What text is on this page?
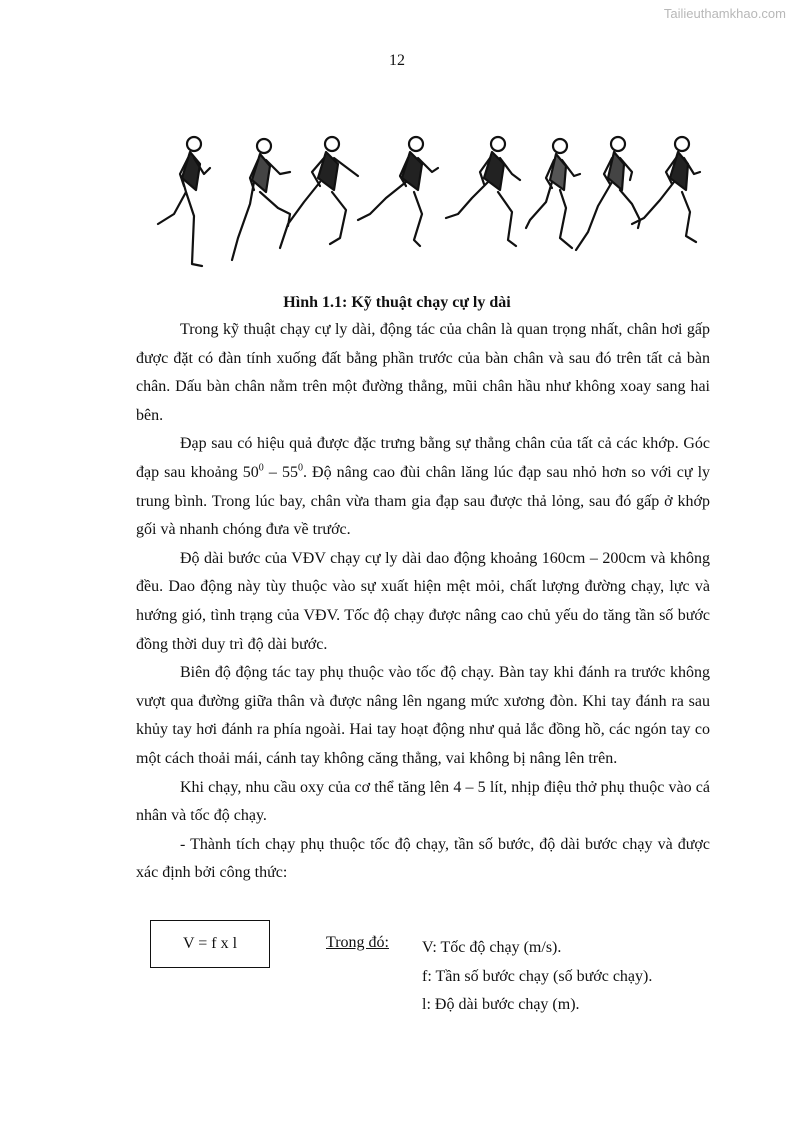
Tailieuthamkhao.com
12
Hình 1.1: Kỹ thuật chạy cự ly dài

Trong kỹ thuật chạy cự ly dài, động tác của chân là quan trọng nhất, chân hơi gấp được đặt có đàn tính xuống đất bằng phần trước của bàn chân và sau đó trên tất cả bàn chân. Dấu bàn chân nằm trên một đường thẳng, mũi chân hầu như không xoay sang hai bên.

Đạp sau có hiệu quả được đặc trưng bằng sự thẳng chân của tất cả các khớp. Góc đạp sau khoảng $50^0 - 55^0$. Độ nâng cao đùi chân lăng lúc đạp sau nhỏ hơn so với cự ly trung bình. Trong lúc bay, chân vừa tham gia đạp sau được thả lỏng, sau đó gấp ở khớp gối và nhanh chóng đưa về trước.

Độ dài bước của VĐV chạy cự ly dài dao động khoảng 160cm – 200cm và không đều. Dao động này tùy thuộc vào sự xuất hiện mệt mỏi, chất lượng đường chạy, lực và hướng gió, tình trạng của VĐV. Tốc độ chạy được nâng cao chủ yếu do tăng tần số bước đồng thời duy trì độ dài bước.

Biên độ động tác tay phụ thuộc vào tốc độ chạy. Bàn tay khi đánh ra trước không vượt qua đường giữa thân và được nâng lên ngang mức xương đòn. Khi tay đánh ra sau khủy tay hơi đánh ra phía ngoài. Hai tay hoạt động như quả lắc đồng hồ, các ngón tay co một cách thoải mái, cánh tay không căng thẳng, vai không bị nâng lên trên.

Khi chạy, nhu cầu oxy của cơ thể tăng lên 4 – 5 lít, nhịp điệu thở phụ thuộc vào cá nhân và tốc độ chạy.

- Thành tích chạy phụ thuộc tốc độ chạy, tần số bước, độ dài bước chạy và được xác định bởi công thức:

V = f x l	Trong đó: V: Tốc độ chạy (m/s).
f: Tần số bước chạy (số bước chạy).
l: Độ dài bước chạy (m).
